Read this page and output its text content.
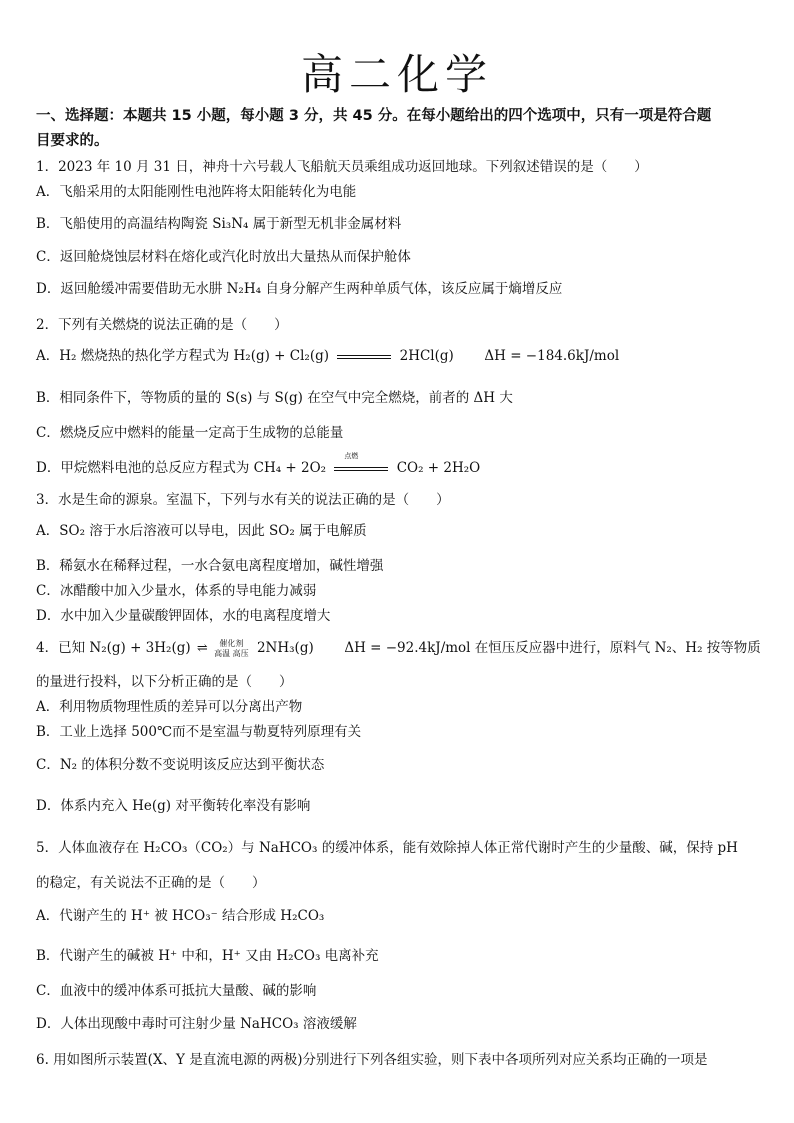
高二化学
一、选择题：本题共 15 小题，每小题 3 分，共 45 分。在每小题给出的四个选项中，只有一项是符合题
目要求的。
1．2023 年 10 月 31 日，神舟十六号载人飞船航天员乘组成功返回地球。下列叙述错误的是（　　）
A．飞船采用的太阳能刚性电池阵将太阳能转化为电能
B．飞船使用的高温结构陶瓷 Si₃N₄ 属于新型无机非金属材料
C．返回舱烧蚀层材料在熔化或汽化时放出大量热从而保护舱体
D．返回舱缓冲需要借助无水肼 N₂H₄ 自身分解产生两种单质气体，该反应属于熵增反应
2．下列有关燃烧的说法正确的是（　　）
A．H₂ 燃烧热的热化学方程式为 H₂(g) + Cl₂(g)	2HCl(g) ΔH = −184.6kJ/mol
B．相同条件下，等物质的量的 S(s) 与 S(g) 在空气中完全燃烧，前者的 ΔH 大
C．燃烧反应中燃料的能量一定高于生成物的总能量
D．甲烷燃料电池的总反应方程式为 CH₄ + 2O₂
点燃
CO₂ + 2H₂O
3．水是生命的源泉。室温下，下列与水有关的说法正确的是（　　）
A．SO₂ 溶于水后溶液可以导电，因此 SO₂ 属于电解质
B．稀氨水在稀释过程，一水合氨电离程度增加，碱性增强
C．冰醋酸中加入少量水，体系的导电能力减弱
D．水中加入少量碳酸钾固体，水的电离程度增大
4．已知 N₂(g) + 3H₂(g) ⇌ 催化剂
高温 高压 2NH₃(g) ΔH = −92.4kJ/mol 在恒压反应器中进行，原料气 N₂、H₂ 按等物质
的量进行投料，以下分析正确的是（　　）
A．利用物质物理性质的差异可以分离出产物
B．工业上选择 500℃而不是室温与勒夏特列原理有关
C．N₂ 的体积分数不变说明该反应达到平衡状态
D．体系内充入 He(g) 对平衡转化率没有影响
5．人体血液存在 H₂CO₃（CO₂）与 NaHCO₃ 的缓冲体系，能有效除掉人体正常代谢时产生的少量酸、碱，保持 pH
的稳定，有关说法不正确的是（　　）
A．代谢产生的 H⁺ 被 HCO₃⁻ 结合形成 H₂CO₃
B．代谢产生的碱被 H⁺ 中和，H⁺ 又由 H₂CO₃ 电离补充
C．血液中的缓冲体系可抵抗大量酸、碱的影响
D．人体出现酸中毒时可注射少量 NaHCO₃ 溶液缓解
6. 用如图所示装置(X、Y 是直流电源的两极)分别进行下列各组实验，则下表中各项所列对应关系均正确的一项是
